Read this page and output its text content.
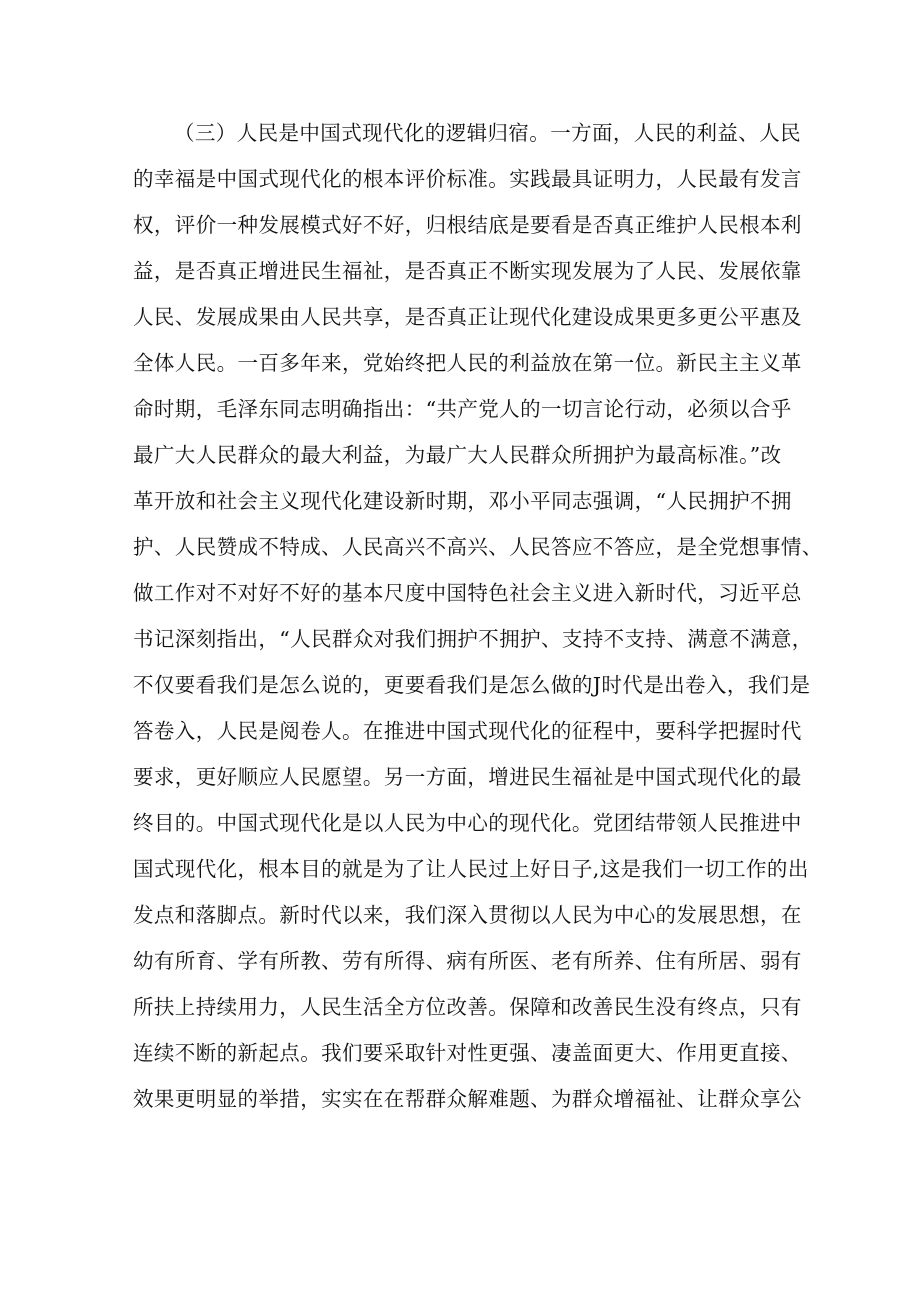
（三）人民是中国式现代化的逻辑归宿。一方面，人民的利益、人民
的幸福是中国式现代化的根本评价标准。实践最具证明力，人民最有发言
权，评价一种发展模式好不好，归根结底是要看是否真正维护人民根本利
益，是否真正增进民生福祉，是否真正不断实现发展为了人民、发展依靠
人民、发展成果由人民共享，是否真正让现代化建设成果更多更公平惠及
全体人民。一百多年来，党始终把人民的利益放在第一位。新民主主义革
命时期，毛泽东同志明确指出：“共产党人的一切言论行动，必须以合乎
最广大人民群众的最大利益，为最广大人民群众所拥护为最高标准。”改
革开放和社会主义现代化建设新时期，邓小平同志强调，“人民拥护不拥
护、人民赞成不特成、人民高兴不高兴、人民答应不答应，是全党想事情、
做工作对不对好不好的基本尺度中国特色社会主义进入新时代，习近平总
书记深刻指出，“人民群众对我们拥护不拥护、支持不支持、满意不满意，
不仅要看我们是怎么说的，更要看我们是怎么做的J时代是出卷入，我们是
答卷入，人民是阅卷人。在推进中国式现代化的征程中，要科学把握时代
要求，更好顺应人民愿望。另一方面，增进民生福祉是中国式现代化的最
终目的。中国式现代化是以人民为中心的现代化。党团结带领人民推进中
国式现代化，根本目的就是为了让人民过上好日子,这是我们一切工作的出
发点和落脚点。新时代以来，我们深入贯彻以人民为中心的发展思想，在
幼有所育、学有所教、劳有所得、病有所医、老有所养、住有所居、弱有
所扶上持续用力，人民生活全方位改善。保障和改善民生没有终点，只有
连续不断的新起点。我们要采取针对性更强、凄盖面更大、作用更直接、
效果更明显的举措，实实在在帮群众解难题、为群众增福祉、让群众享公
